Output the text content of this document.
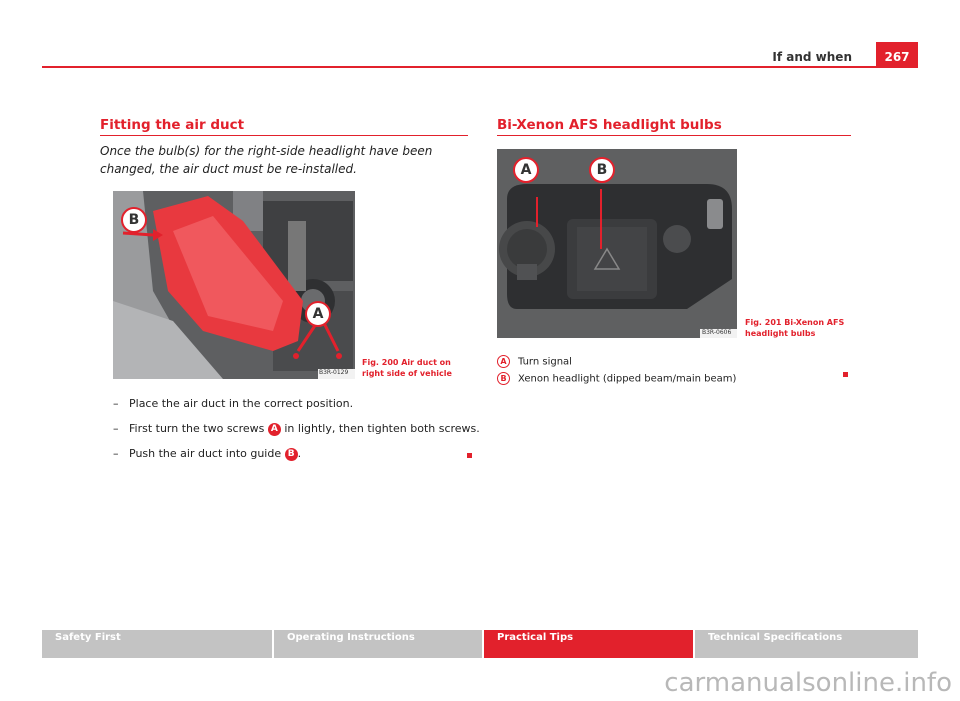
If and when	267
Fitting the air duct
Once the bulb(s) for the right-side headlight have been changed, the air duct must be re-installed.
B
A
B3R-0129
Fig. 200 Air duct on
right side of vehicle
– Place the air duct in the correct position.
– First turn the two screws A in lightly, then tighten both screws.
– Push the air duct into guide B .
Bi-Xenon AFS headlight bulbs
A	B
B3R-0606
Fig. 201 Bi-Xenon AFS
headlight bulbs
A Turn signal
B Xenon headlight (dipped beam/main beam)
Safety First	Operating Instructions	Practical Tips	Technical Specifications
carmanualsonline.info
